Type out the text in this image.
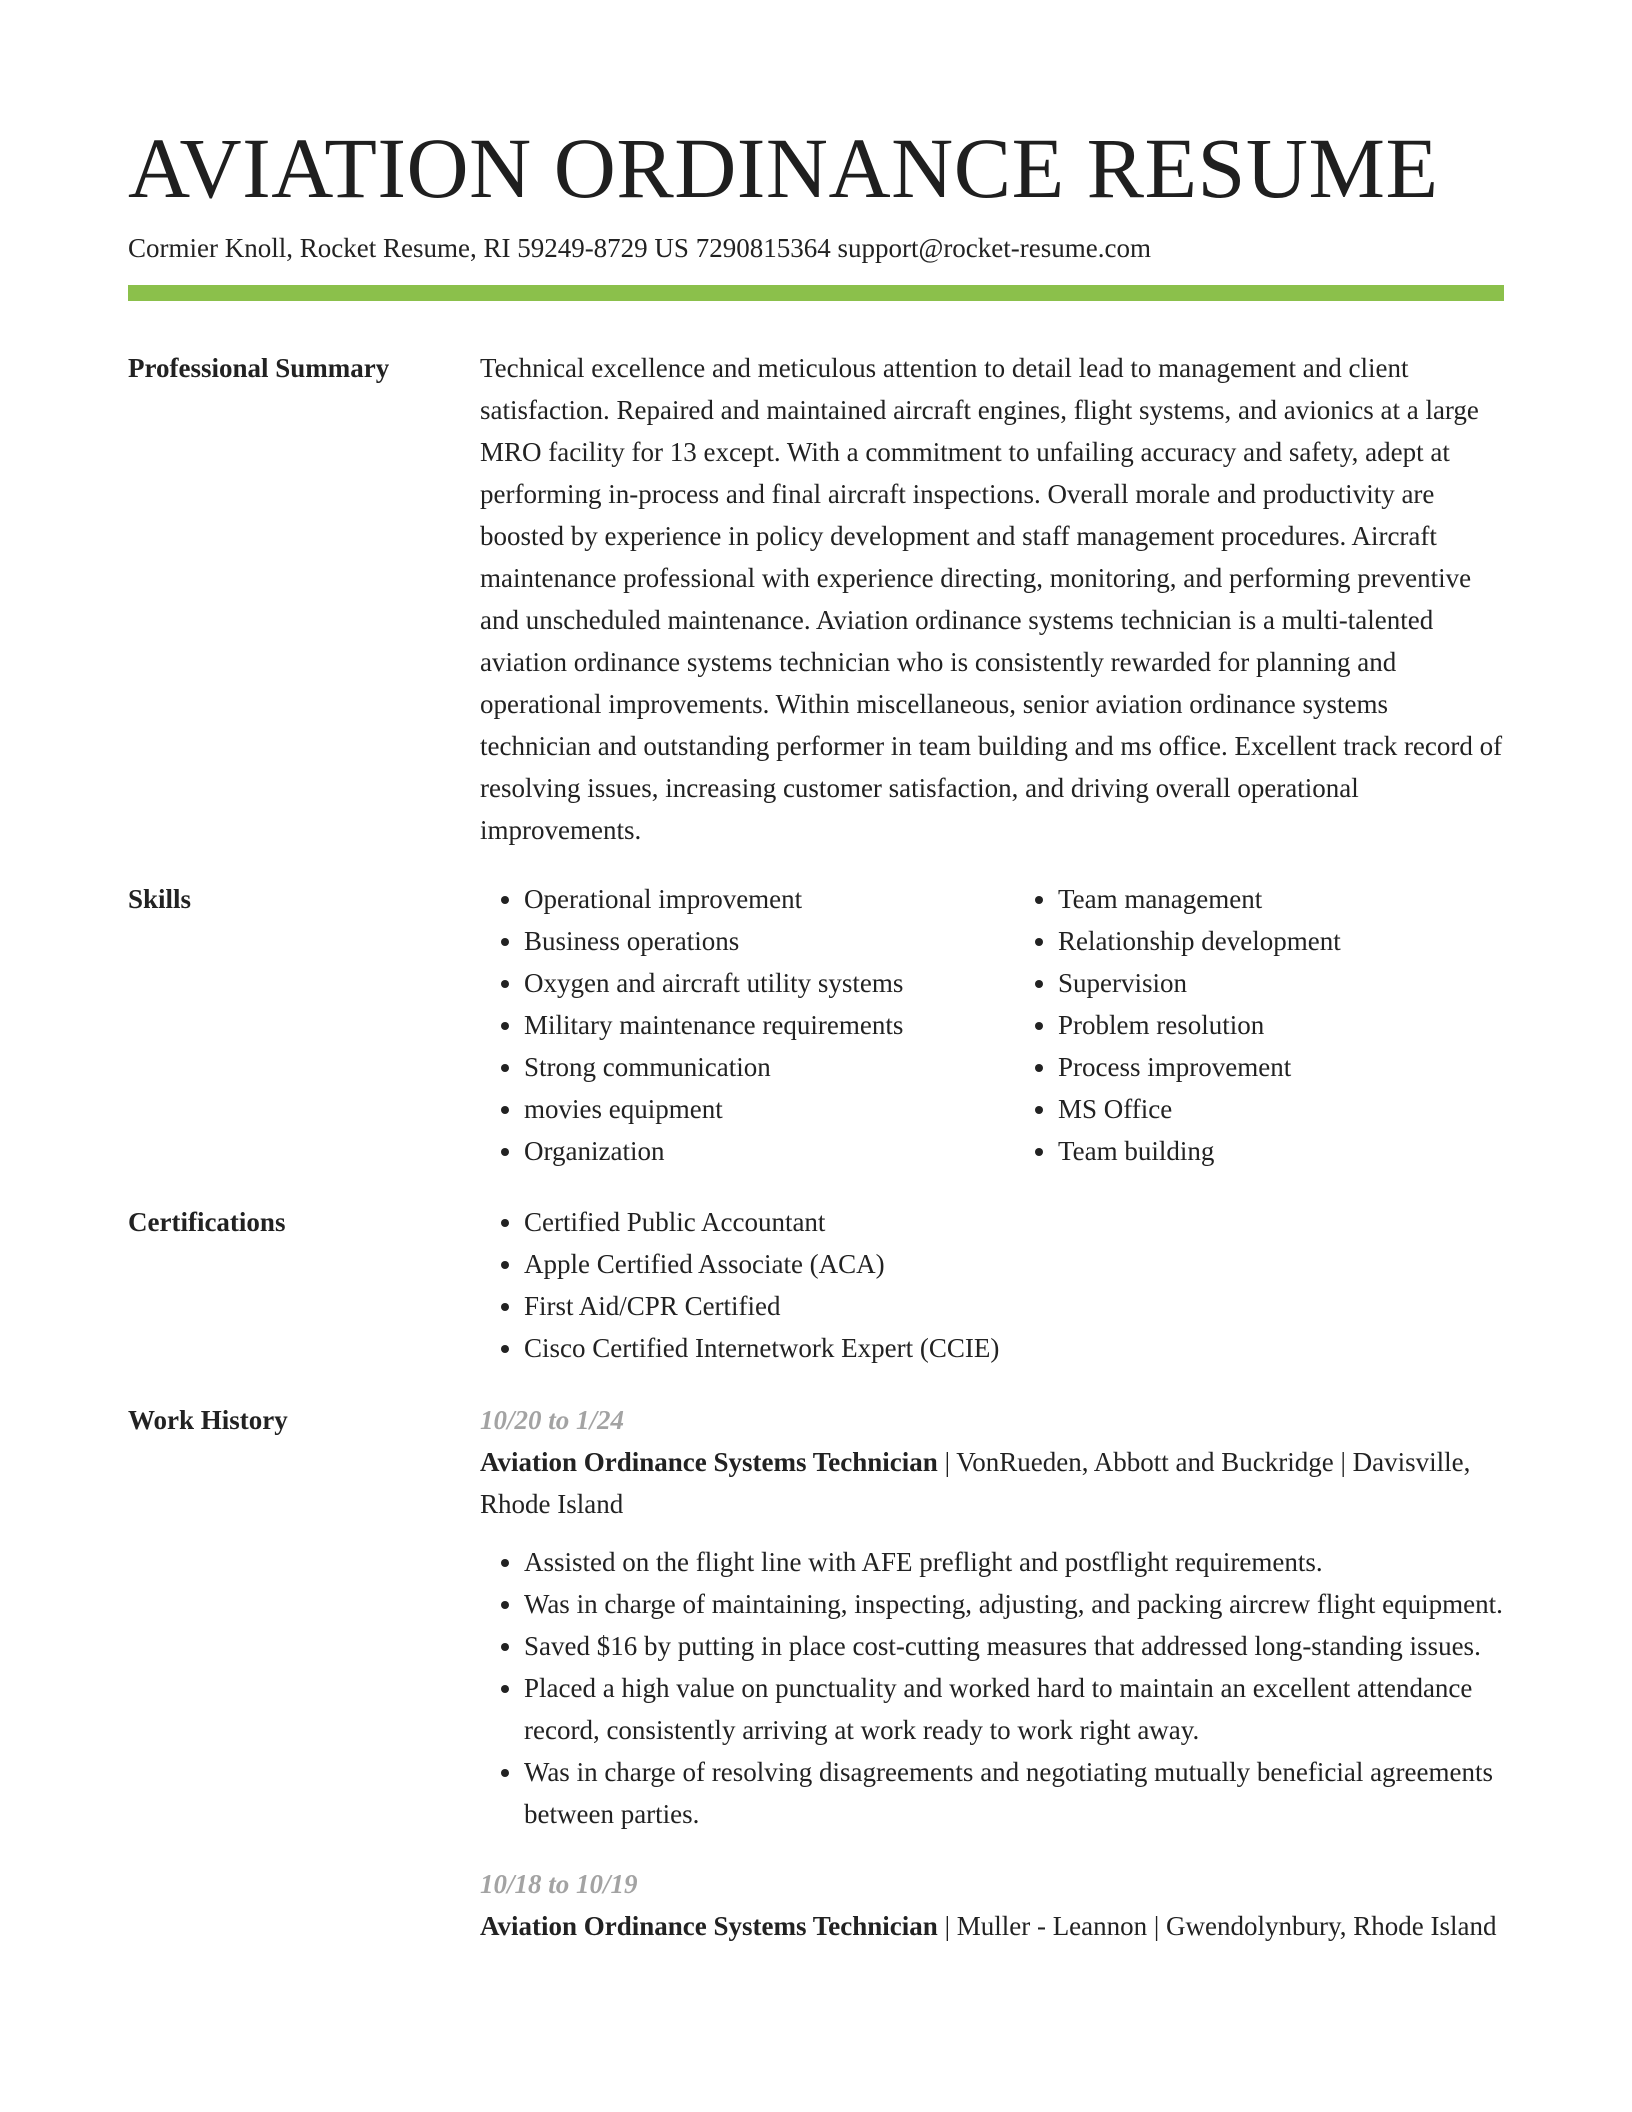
AVIATION ORDINANCE RESUME
Cormier Knoll, Rocket Resume, RI 59249-8729 US 7290815364 support@rocket-resume.com
Professional Summary	Technical excellence and meticulous attention to detail lead to management and client satisfaction. Repaired and maintained aircraft engines, flight systems, and avionics at a large MRO facility for 13 except. With a commitment to unfailing accuracy and safety, adept at performing in-process and final aircraft inspections. Overall morale and productivity are boosted by experience in policy development and staff management procedures. Aircraft maintenance professional with experience directing, monitoring, and performing preventive and unscheduled maintenance. Aviation ordinance systems technician is a multi-talented aviation ordinance systems technician who is consistently rewarded for planning and operational improvements. Within miscellaneous, senior aviation ordinance systems technician and outstanding performer in team building and ms office. Excellent track record of resolving issues, increasing customer satisfaction, and driving overall operational improvements.

Skills	• Operational improvement
• Business operations
• Oxygen and aircraft utility systems
• Military maintenance requirements
• Strong communication
• movies equipment
• Organization
• Team management
• Relationship development
• Supervision
• Problem resolution
• Process improvement
• MS Office
• Team building
Certifications	• Certified Public Accountant
• Apple Certified Associate (ACA)
• First Aid/CPR Certified
• Cisco Certified Internetwork Expert (CCIE)
Work History	10/20 to 1/24
Aviation Ordinance Systems Technician | VonRueden, Abbott and Buckridge | Davisville, Rhode Island
• Assisted on the flight line with AFE preflight and postflight requirements.
• Was in charge of maintaining, inspecting, adjusting, and packing aircrew flight equipment.
• Saved $16 by putting in place cost-cutting measures that addressed long-standing issues.
• Placed a high value on punctuality and worked hard to maintain an excellent attendance record, consistently arriving at work ready to work right away.
• Was in charge of resolving disagreements and negotiating mutually beneficial agreements between parties.
10/18 to 10/19
Aviation Ordinance Systems Technician | Muller - Leannon | Gwendolynbury, Rhode Island
